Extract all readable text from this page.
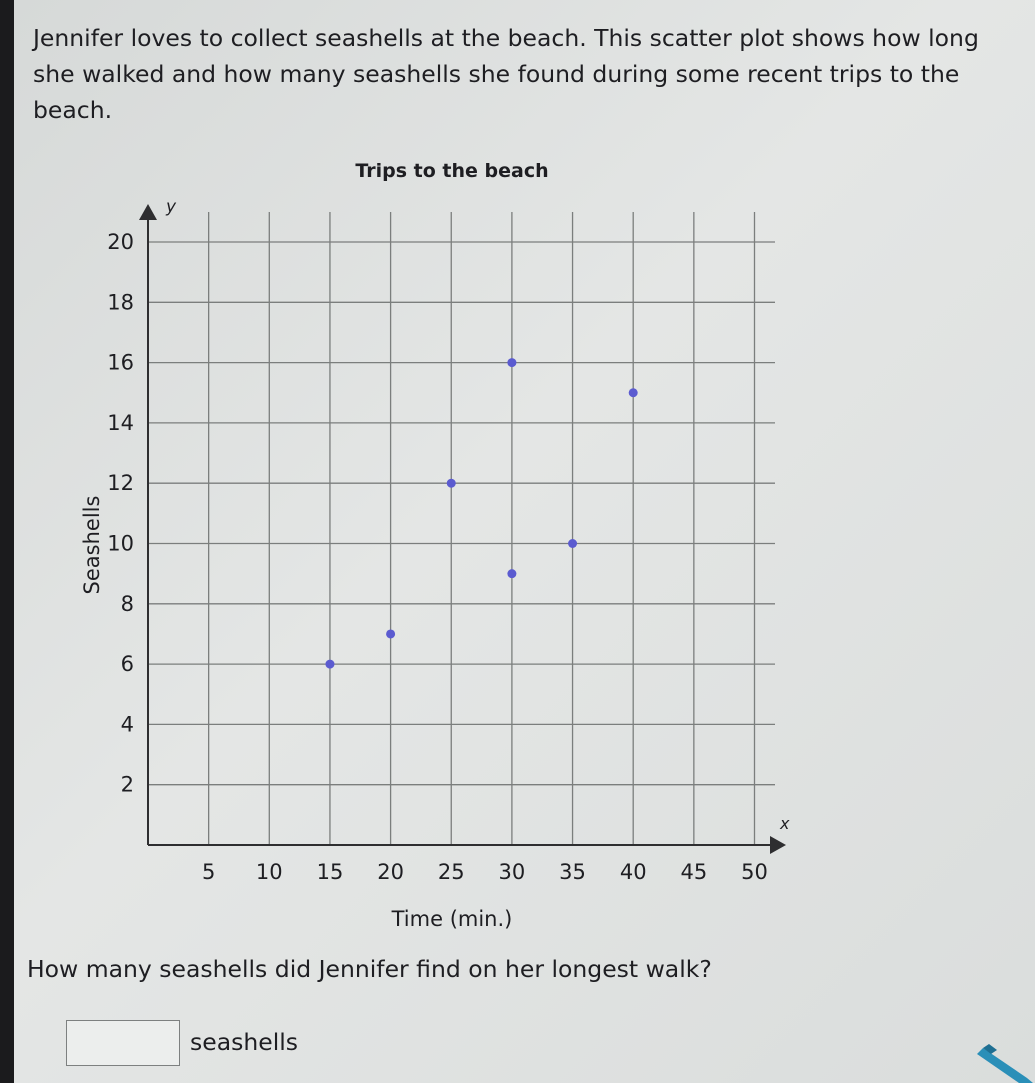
Jennifer loves to collect seashells at the beach. This scatter plot shows how long she walked and how many seashells she found during some recent trips to the beach.

Trips to the beach
y
x
2
4
6
8
10
12
14
16
18
20
5 10 15 20 25 30 35 40 45 50
Time (min.)
Seashells

How many seashells did Jennifer find on her longest walk?

seashells
